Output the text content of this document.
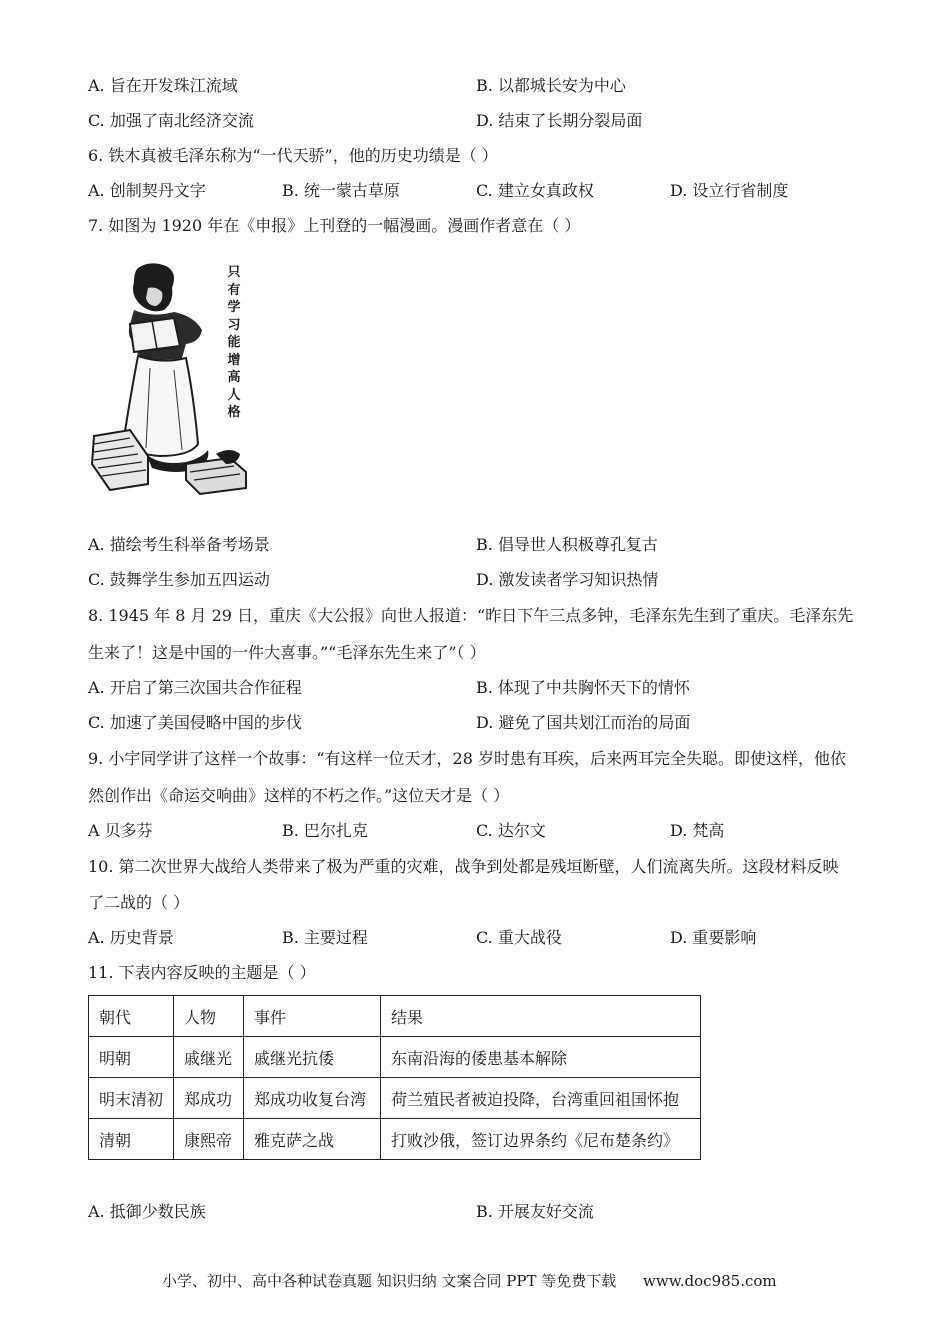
A. 旨在开发珠江流域	B. 以都城长安为中心
C. 加强了南北经济交流	D. 结束了长期分裂局面
6. 铁木真被毛泽东称为“一代天骄”，他的历史功绩是（ ）
A. 创制契丹文字	B. 统一蒙古草原	C. 建立女真政权	D. 设立行省制度
7. 如图为 1920 年在《申报》上刊登的一幅漫画。漫画作者意在（ ）
只
有
学
习
能
增
高
人
格
A. 描绘考生科举备考场景	B. 倡导世人积极尊孔复古
C. 鼓舞学生参加五四运动	D. 激发读者学习知识热情
8. 1945 年 8 月 29 日，重庆《大公报》向世人报道：“昨日下午三点多钟，毛泽东先生到了重庆。毛泽东先
生来了！这是中国的一件大喜事。”“毛泽东先生来了”（ ）
A. 开启了第三次国共合作征程	B. 体现了中共胸怀天下的情怀
C. 加速了美国侵略中国的步伐	D. 避免了国共划江而治的局面
9. 小宇同学讲了这样一个故事：“有这样一位天才，28 岁时患有耳疾，后来两耳完全失聪。即使这样，他依
然创作出《命运交响曲》这样的不朽之作。”这位天才是（ ）
A 贝多芬	B. 巴尔扎克	C. 达尔文	D. 梵高
10. 第二次世界大战给人类带来了极为严重的灾难，战争到处都是残垣断壁，人们流离失所。这段材料反映
了二战的（ ）
A. 历史背景	B. 主要过程	C. 重大战役	D. 重要影响
11. 下表内容反映的主题是（ ）
朝代	人物	事件	结果
明朝	戚继光	戚继光抗倭	东南沿海的倭患基本解除
明末清初	郑成功	郑成功收复台湾	荷兰殖民者被迫投降，台湾重回祖国怀抱
清朝	康熙帝	雅克萨之战	打败沙俄，签订边界条约《尼布楚条约》
A. 抵御少数民族	B. 开展友好交流
小学、初中、高中各种试卷真题 知识归纳 文案合同 PPT 等免费下载 www.doc985.com
